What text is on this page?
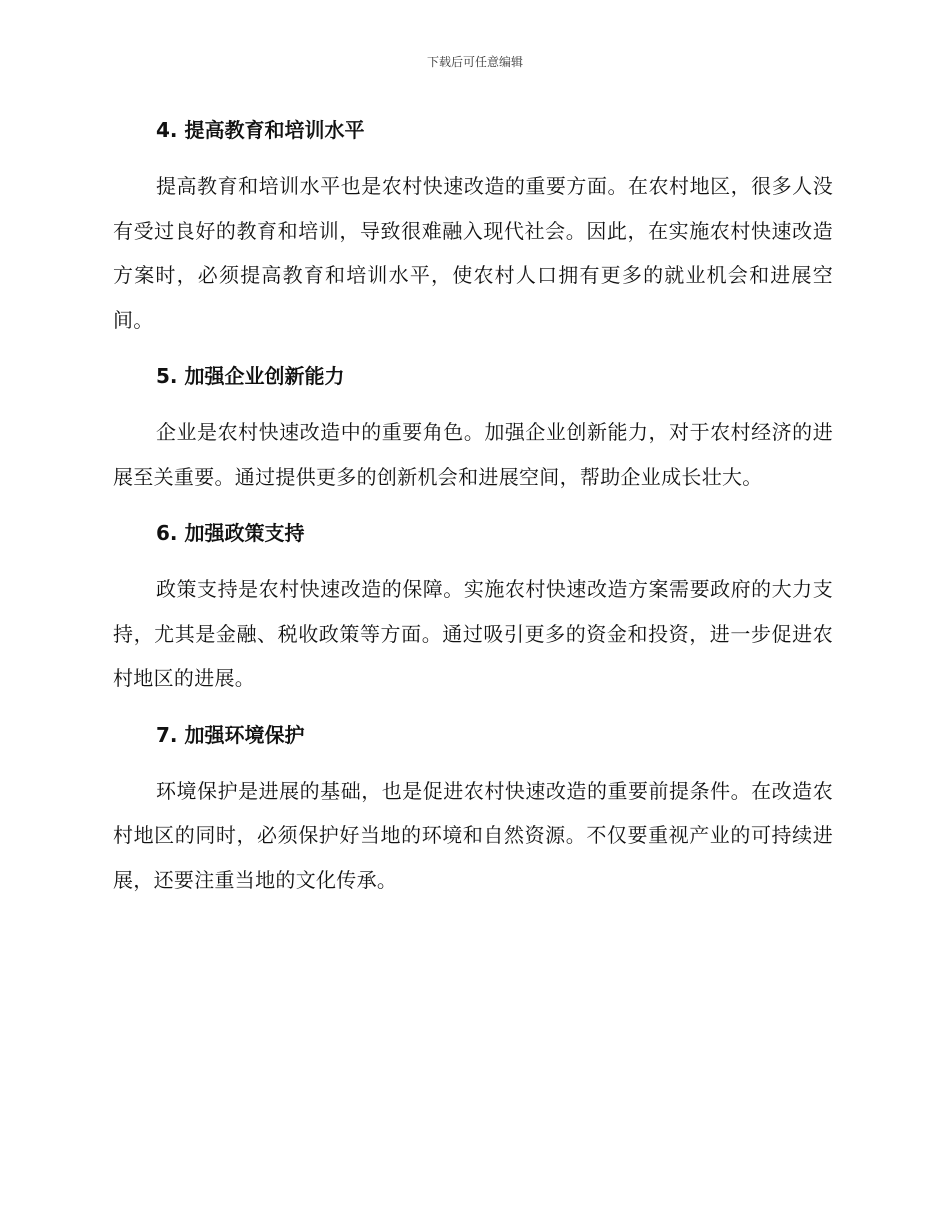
下载后可任意编辑
4. 提高教育和培训水平

提高教育和培训水平也是农村快速改造的重要方面。在农村地区，很多人没有受过良好的教育和培训，导致很难融入现代社会。因此，在实施农村快速改造方案时，必须提高教育和培训水平，使农村人口拥有更多的就业机会和进展空间。

5. 加强企业创新能力

企业是农村快速改造中的重要角色。加强企业创新能力，对于农村经济的进展至关重要。通过提供更多的创新机会和进展空间，帮助企业成长壮大。

6. 加强政策支持

政策支持是农村快速改造的保障。实施农村快速改造方案需要政府的大力支持，尤其是金融、税收政策等方面。通过吸引更多的资金和投资，进一步促进农村地区的进展。

7. 加强环境保护

环境保护是进展的基础，也是促进农村快速改造的重要前提条件。在改造农村地区的同时，必须保护好当地的环境和自然资源。不仅要重视产业的可持续进展，还要注重当地的文化传承。
